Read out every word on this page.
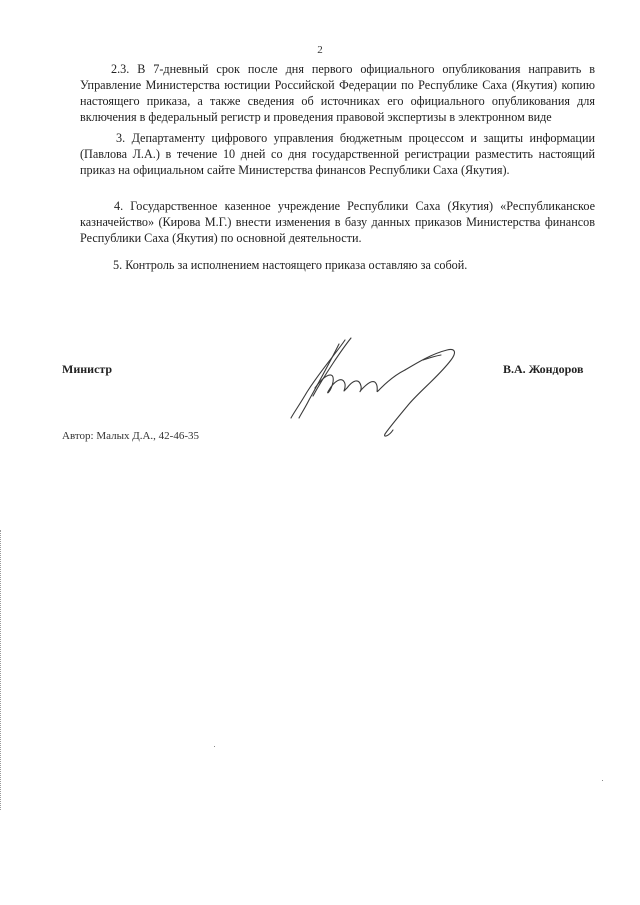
2

2.3. В 7-дневный срок после дня первого официального опубликования направить в Управление Министерства юстиции Российской Федерации по Республике Саха (Якутия) копию настоящего приказа, а также сведения об источниках его официального опубликования для включения в федеральный регистр и проведения правовой экспертизы в электронном виде

3. Департаменту цифрового управления бюджетным процессом и защиты информации (Павлова Л.А.) в течение 10 дней со дня государственной регистрации разместить настоящий приказ на официальном сайте Министерства финансов Республики Саха (Якутия).

4. Государственное казенное учреждение Республики Саха (Якутия) «Республиканское казначейство» (Кирова М.Г.) внести изменения в базу данных приказов Министерства финансов Республики Саха (Якутия) по основной деятельности.

5. Контроль за исполнением настоящего приказа оставляю за собой.

Министр	В.А. Жондоров
Автор: Малых Д.А., 42-46-35
